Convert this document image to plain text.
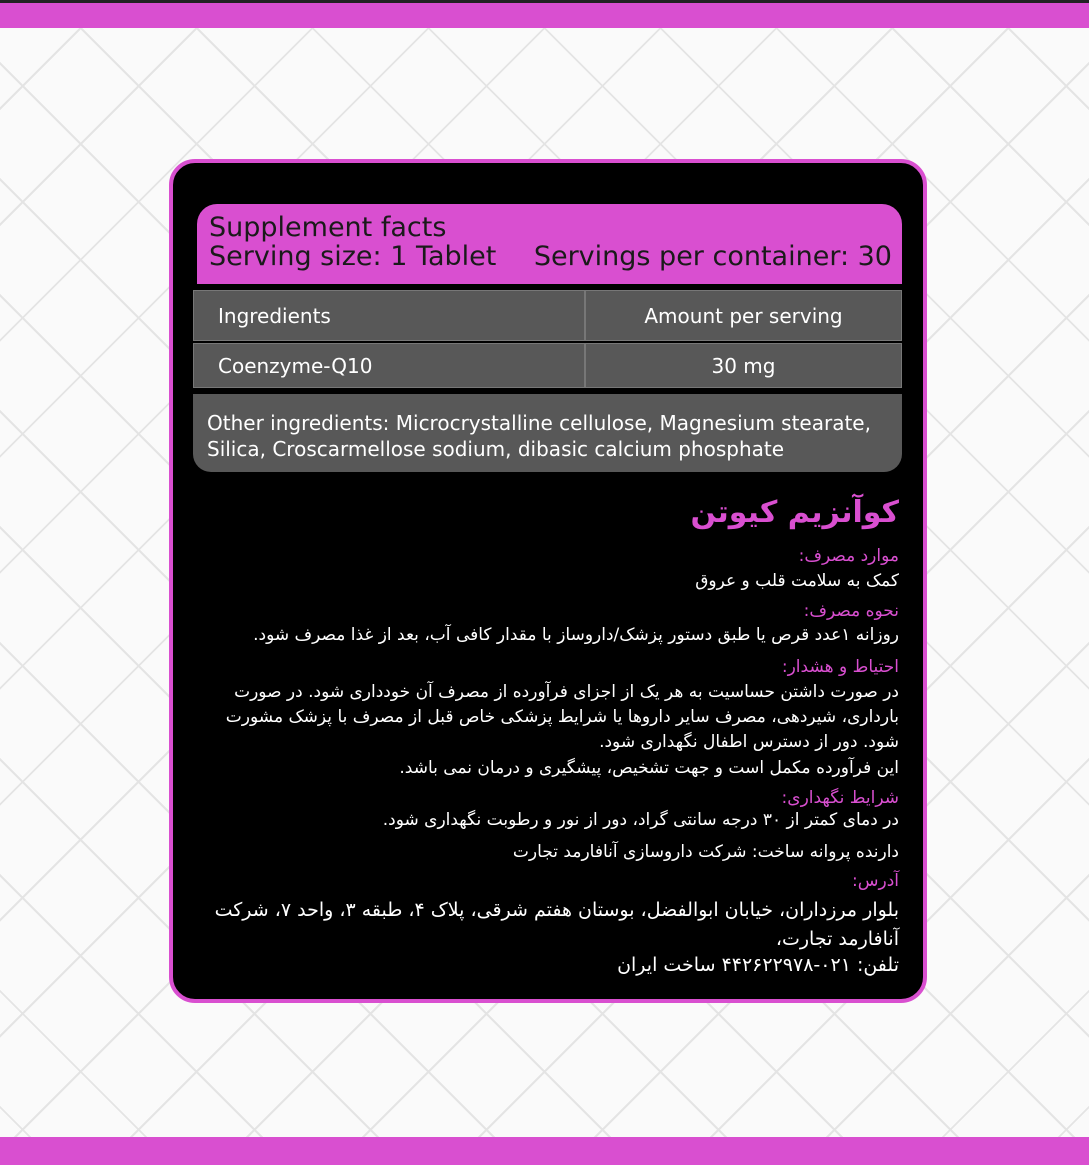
Supplement facts
Serving size: 1 Tablet Servings per container: 30
Ingredients	Amount per serving
Coenzyme-Q10	30 mg
Other ingredients: Microcrystalline cellulose, Magnesium stearate, Silica, Croscarmellose sodium, dibasic calcium phosphate
کوآنزیم کیوتن
موارد مصرف:
کمک به سلامت قلب و عروق
نحوه مصرف:
روزانه ۱عدد قرص یا طبق دستور پزشک/داروساز با مقدار کافی آب، بعد از غذا مصرف شود.
احتیاط و هشدار:
در صورت داشتن حساسیت به هر یک از اجزای فرآورده از مصرف آن خودداری شود. در صورت بارداری، شیردهی، مصرف سایر داروها یا شرایط پزشکی خاص قبل از مصرف با پزشک مشورت شود. دور از دسترس اطفال نگهداری شود.
این فرآورده مکمل است و جهت تشخیص، پیشگیری و درمان نمی باشد.
شرایط نگهداری:
در دمای کمتر از ۳۰ درجه سانتی گراد، دور از نور و رطوبت نگهداری شود.
دارنده پروانه ساخت: شرکت داروسازی آنافارمد تجارت
آدرس:
بلوار مرزداران، خیابان ابوالفضل، بوستان هفتم شرقی، پلاک ۴، طبقه ۳، واحد ۷، شرکت آنافارمد تجارت،
تلفن: ۰۲۱-۴۴۲۶۲۲۹۷۸ ساخت ایران
